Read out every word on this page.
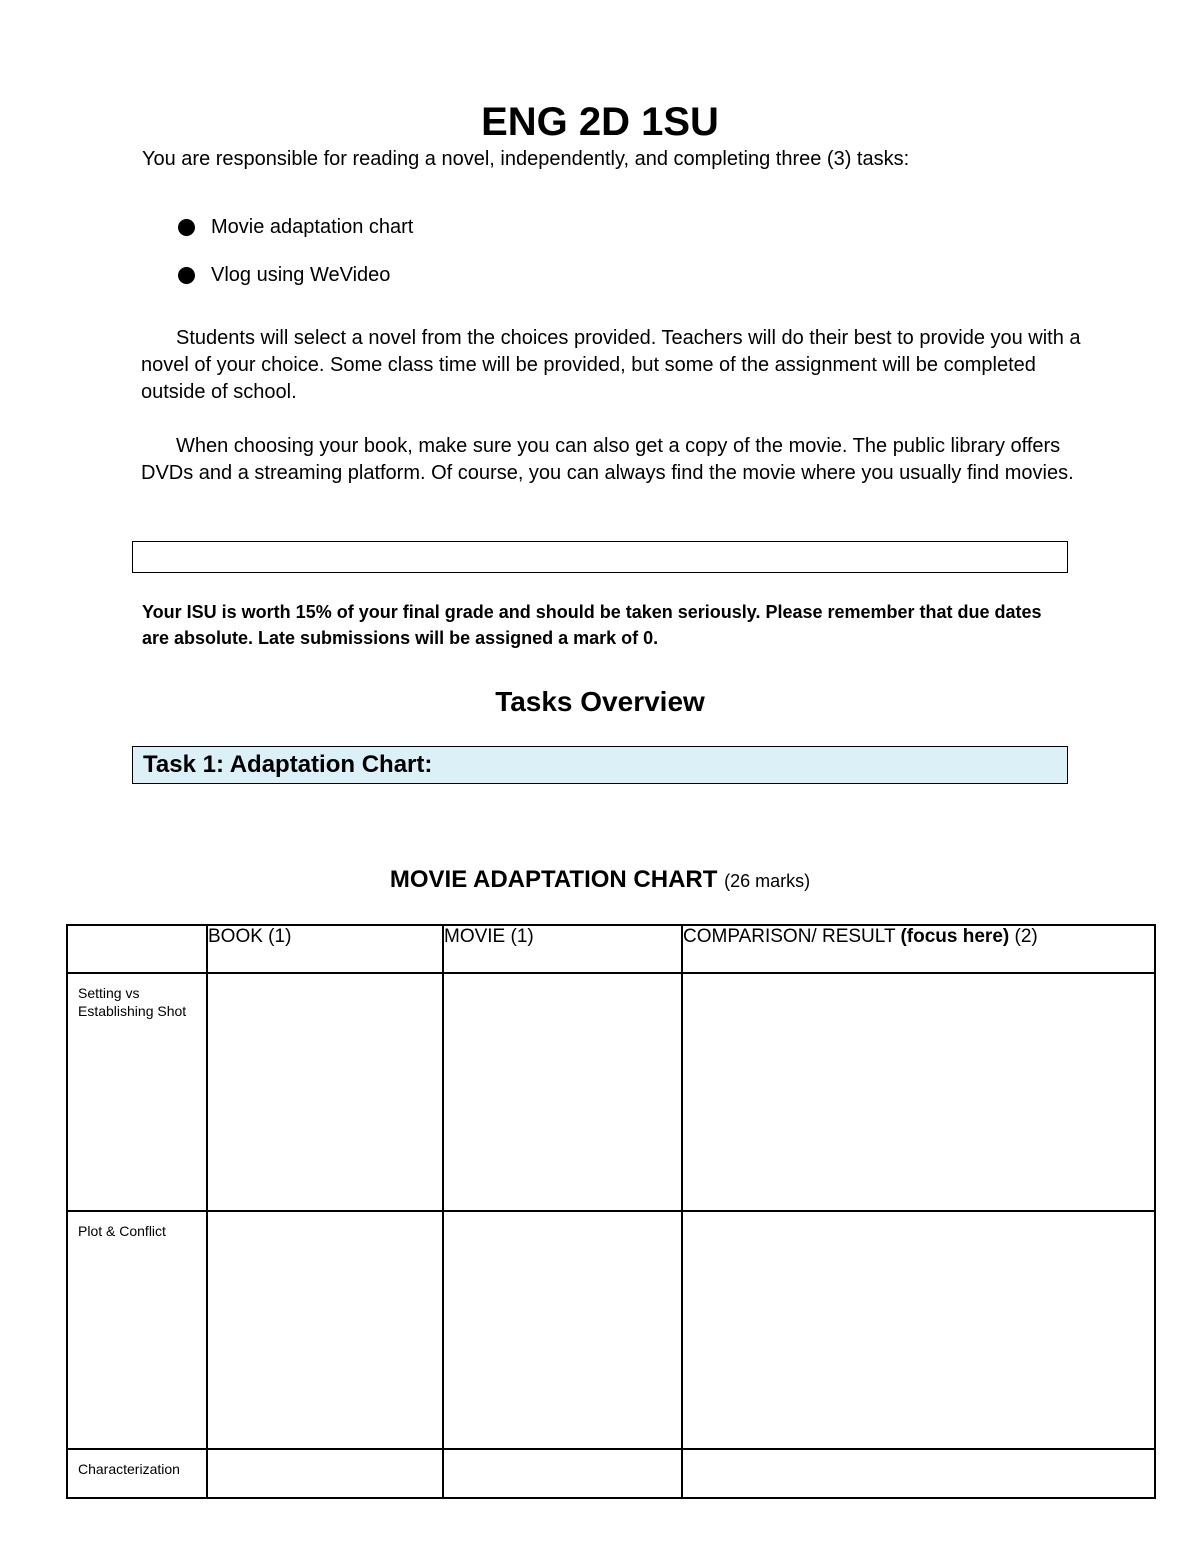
ENG 2D 1SU
You are responsible for reading a novel, independently, and completing three (3) tasks:
Movie adaptation chart
Vlog using WeVideo
Students will select a novel from the choices provided. Teachers will do their best to provide you with a novel of your choice. Some class time will be provided, but some of the assignment will be completed outside of school.
When choosing your book, make sure you can also get a copy of the movie. The public library offers DVDs and a streaming platform. Of course, you can always find the movie where you usually find movies.
Your ISU is worth 15% of your final grade and should be taken seriously. Please remember that due dates are absolute. Late submissions will be assigned a mark of 0.
Tasks Overview
Task 1: Adaptation Chart:
MOVIE ADAPTATION CHART (26 marks)
	BOOK (1)	MOVIE (1)	COMPARISON/ RESULT (focus here) (2)
Setting vs Establishing Shot			
Plot & Conflict			
Characterization			
